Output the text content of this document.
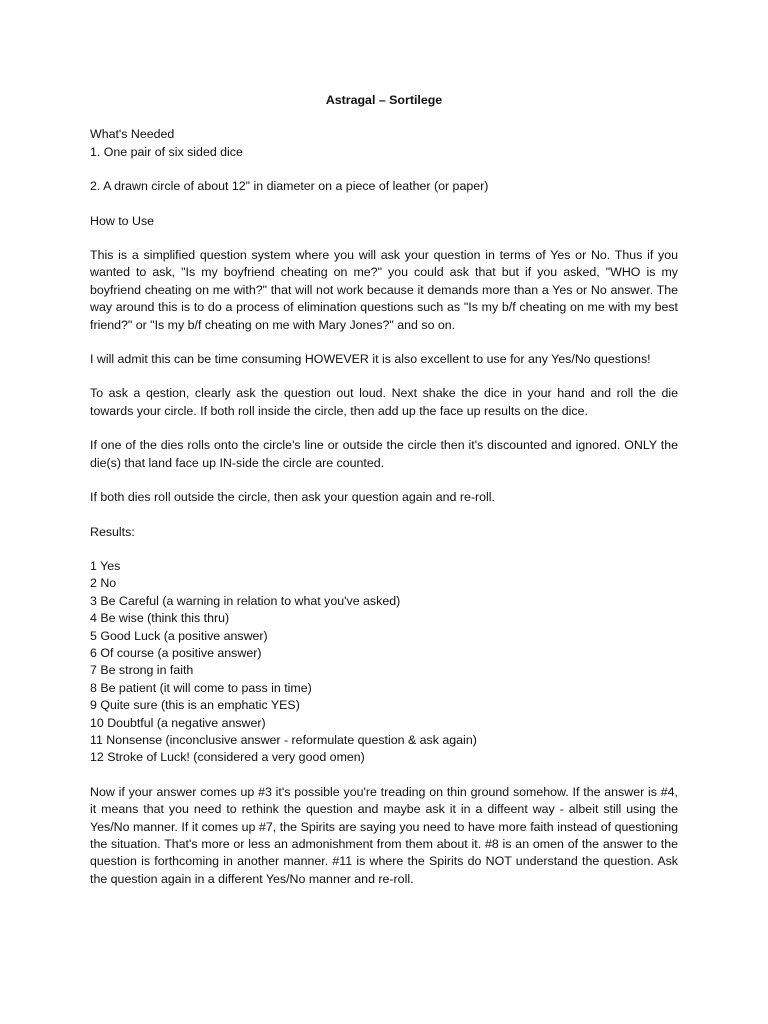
Astragal – Sortilege

What's Needed

1. One pair of six sided dice

2. A drawn circle of about 12" in diameter on a piece of leather (or paper)

How to Use

This is a simplified question system where you will ask your question in terms of Yes or No. Thus if you wanted to ask, "Is my boyfriend cheating on me?" you could ask that but if you asked, "WHO is my boyfriend cheating on me with?" that will not work because it demands more than a Yes or No answer. The way around this is to do a process of elimination questions such as "Is my b/f cheating on me with my best friend?" or "Is my b/f cheating on me with Mary Jones?" and so on.

I will admit this can be time consuming HOWEVER it is also excellent to use for any Yes/No questions!

To ask a qestion, clearly ask the question out loud. Next shake the dice in your hand and roll the die towards your circle. If both roll inside the circle, then add up the face up results on the dice.

If one of the dies rolls onto the circle's line or outside the circle then it's discounted and ignored. ONLY the die(s) that land face up IN-side the circle are counted.

If both dies roll outside the circle, then ask your question again and re-roll.

Results:

1 Yes
2 No
3 Be Careful (a warning in relation to what you've asked)
4 Be wise (think this thru)
5 Good Luck (a positive answer)
6 Of course (a positive answer)
7 Be strong in faith
8 Be patient (it will come to pass in time)
9 Quite sure (this is an emphatic YES)
10 Doubtful (a negative answer)
11 Nonsense (inconclusive answer - reformulate question & ask again)
12 Stroke of Luck! (considered a very good omen)

Now if your answer comes up #3 it's possible you're treading on thin ground somehow. If the answer is #4, it means that you need to rethink the question and maybe ask it in a diffeent way - albeit still using the Yes/No manner. If it comes up #7, the Spirits are saying you need to have more faith instead of questioning the situation. That's more or less an admonishment from them about it. #8 is an omen of the answer to the question is forthcoming in another manner. #11 is where the Spirits do NOT understand the question. Ask the question again in a different Yes/No manner and re-roll.
